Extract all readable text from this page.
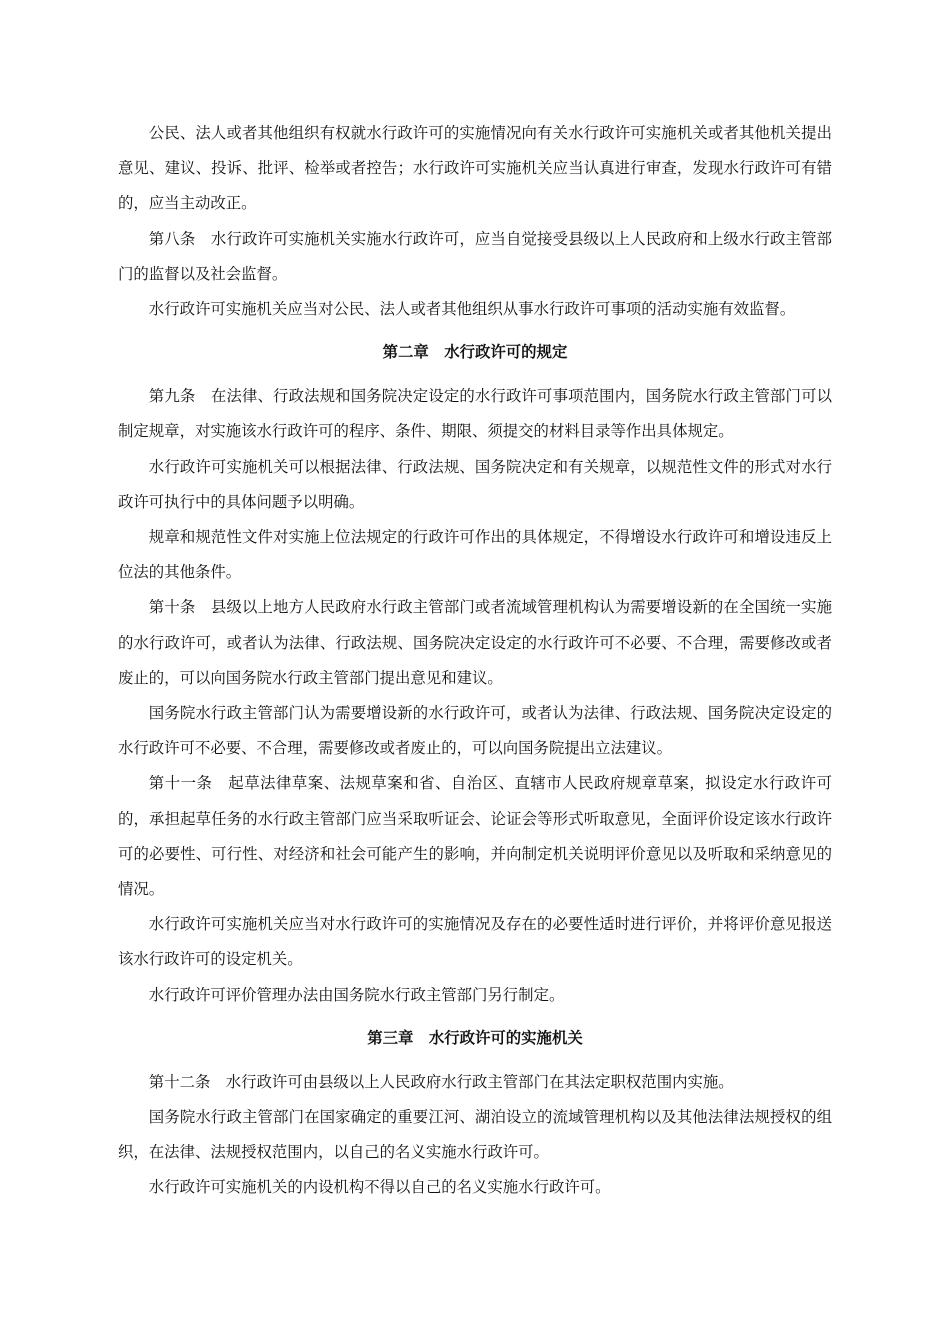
公民、法人或者其他组织有权就水行政许可的实施情况向有关水行政许可实施机关或者其他机关提出意见、建议、投诉、批评、检举或者控告；水行政许可实施机关应当认真进行审查，发现水行政许可有错的，应当主动改正。

第八条　水行政许可实施机关实施水行政许可，应当自觉接受县级以上人民政府和上级水行政主管部门的监督以及社会监督。

水行政许可实施机关应当对公民、法人或者其他组织从事水行政许可事项的活动实施有效监督。

第二章　水行政许可的规定

第九条　在法律、行政法规和国务院决定设定的水行政许可事项范围内，国务院水行政主管部门可以制定规章，对实施该水行政许可的程序、条件、期限、须提交的材料目录等作出具体规定。

水行政许可实施机关可以根据法律、行政法规、国务院决定和有关规章，以规范性文件的形式对水行政许可执行中的具体问题予以明确。

规章和规范性文件对实施上位法规定的行政许可作出的具体规定，不得增设水行政许可和增设违反上位法的其他条件。

第十条　县级以上地方人民政府水行政主管部门或者流域管理机构认为需要增设新的在全国统一实施的水行政许可，或者认为法律、行政法规、国务院决定设定的水行政许可不必要、不合理，需要修改或者废止的，可以向国务院水行政主管部门提出意见和建议。

国务院水行政主管部门认为需要增设新的水行政许可，或者认为法律、行政法规、国务院决定设定的水行政许可不必要、不合理，需要修改或者废止的，可以向国务院提出立法建议。

第十一条　起草法律草案、法规草案和省、自治区、直辖市人民政府规章草案，拟设定水行政许可的，承担起草任务的水行政主管部门应当采取听证会、论证会等形式听取意见，全面评价设定该水行政许可的必要性、可行性、对经济和社会可能产生的影响，并向制定机关说明评价意见以及听取和采纳意见的情况。

水行政许可实施机关应当对水行政许可的实施情况及存在的必要性适时进行评价，并将评价意见报送该水行政许可的设定机关。

水行政许可评价管理办法由国务院水行政主管部门另行制定。

第三章　水行政许可的实施机关

第十二条　水行政许可由县级以上人民政府水行政主管部门在其法定职权范围内实施。

国务院水行政主管部门在国家确定的重要江河、湖泊设立的流域管理机构以及其他法律法规授权的组织，在法律、法规授权范围内，以自己的名义实施水行政许可。

水行政许可实施机关的内设机构不得以自己的名义实施水行政许可。
